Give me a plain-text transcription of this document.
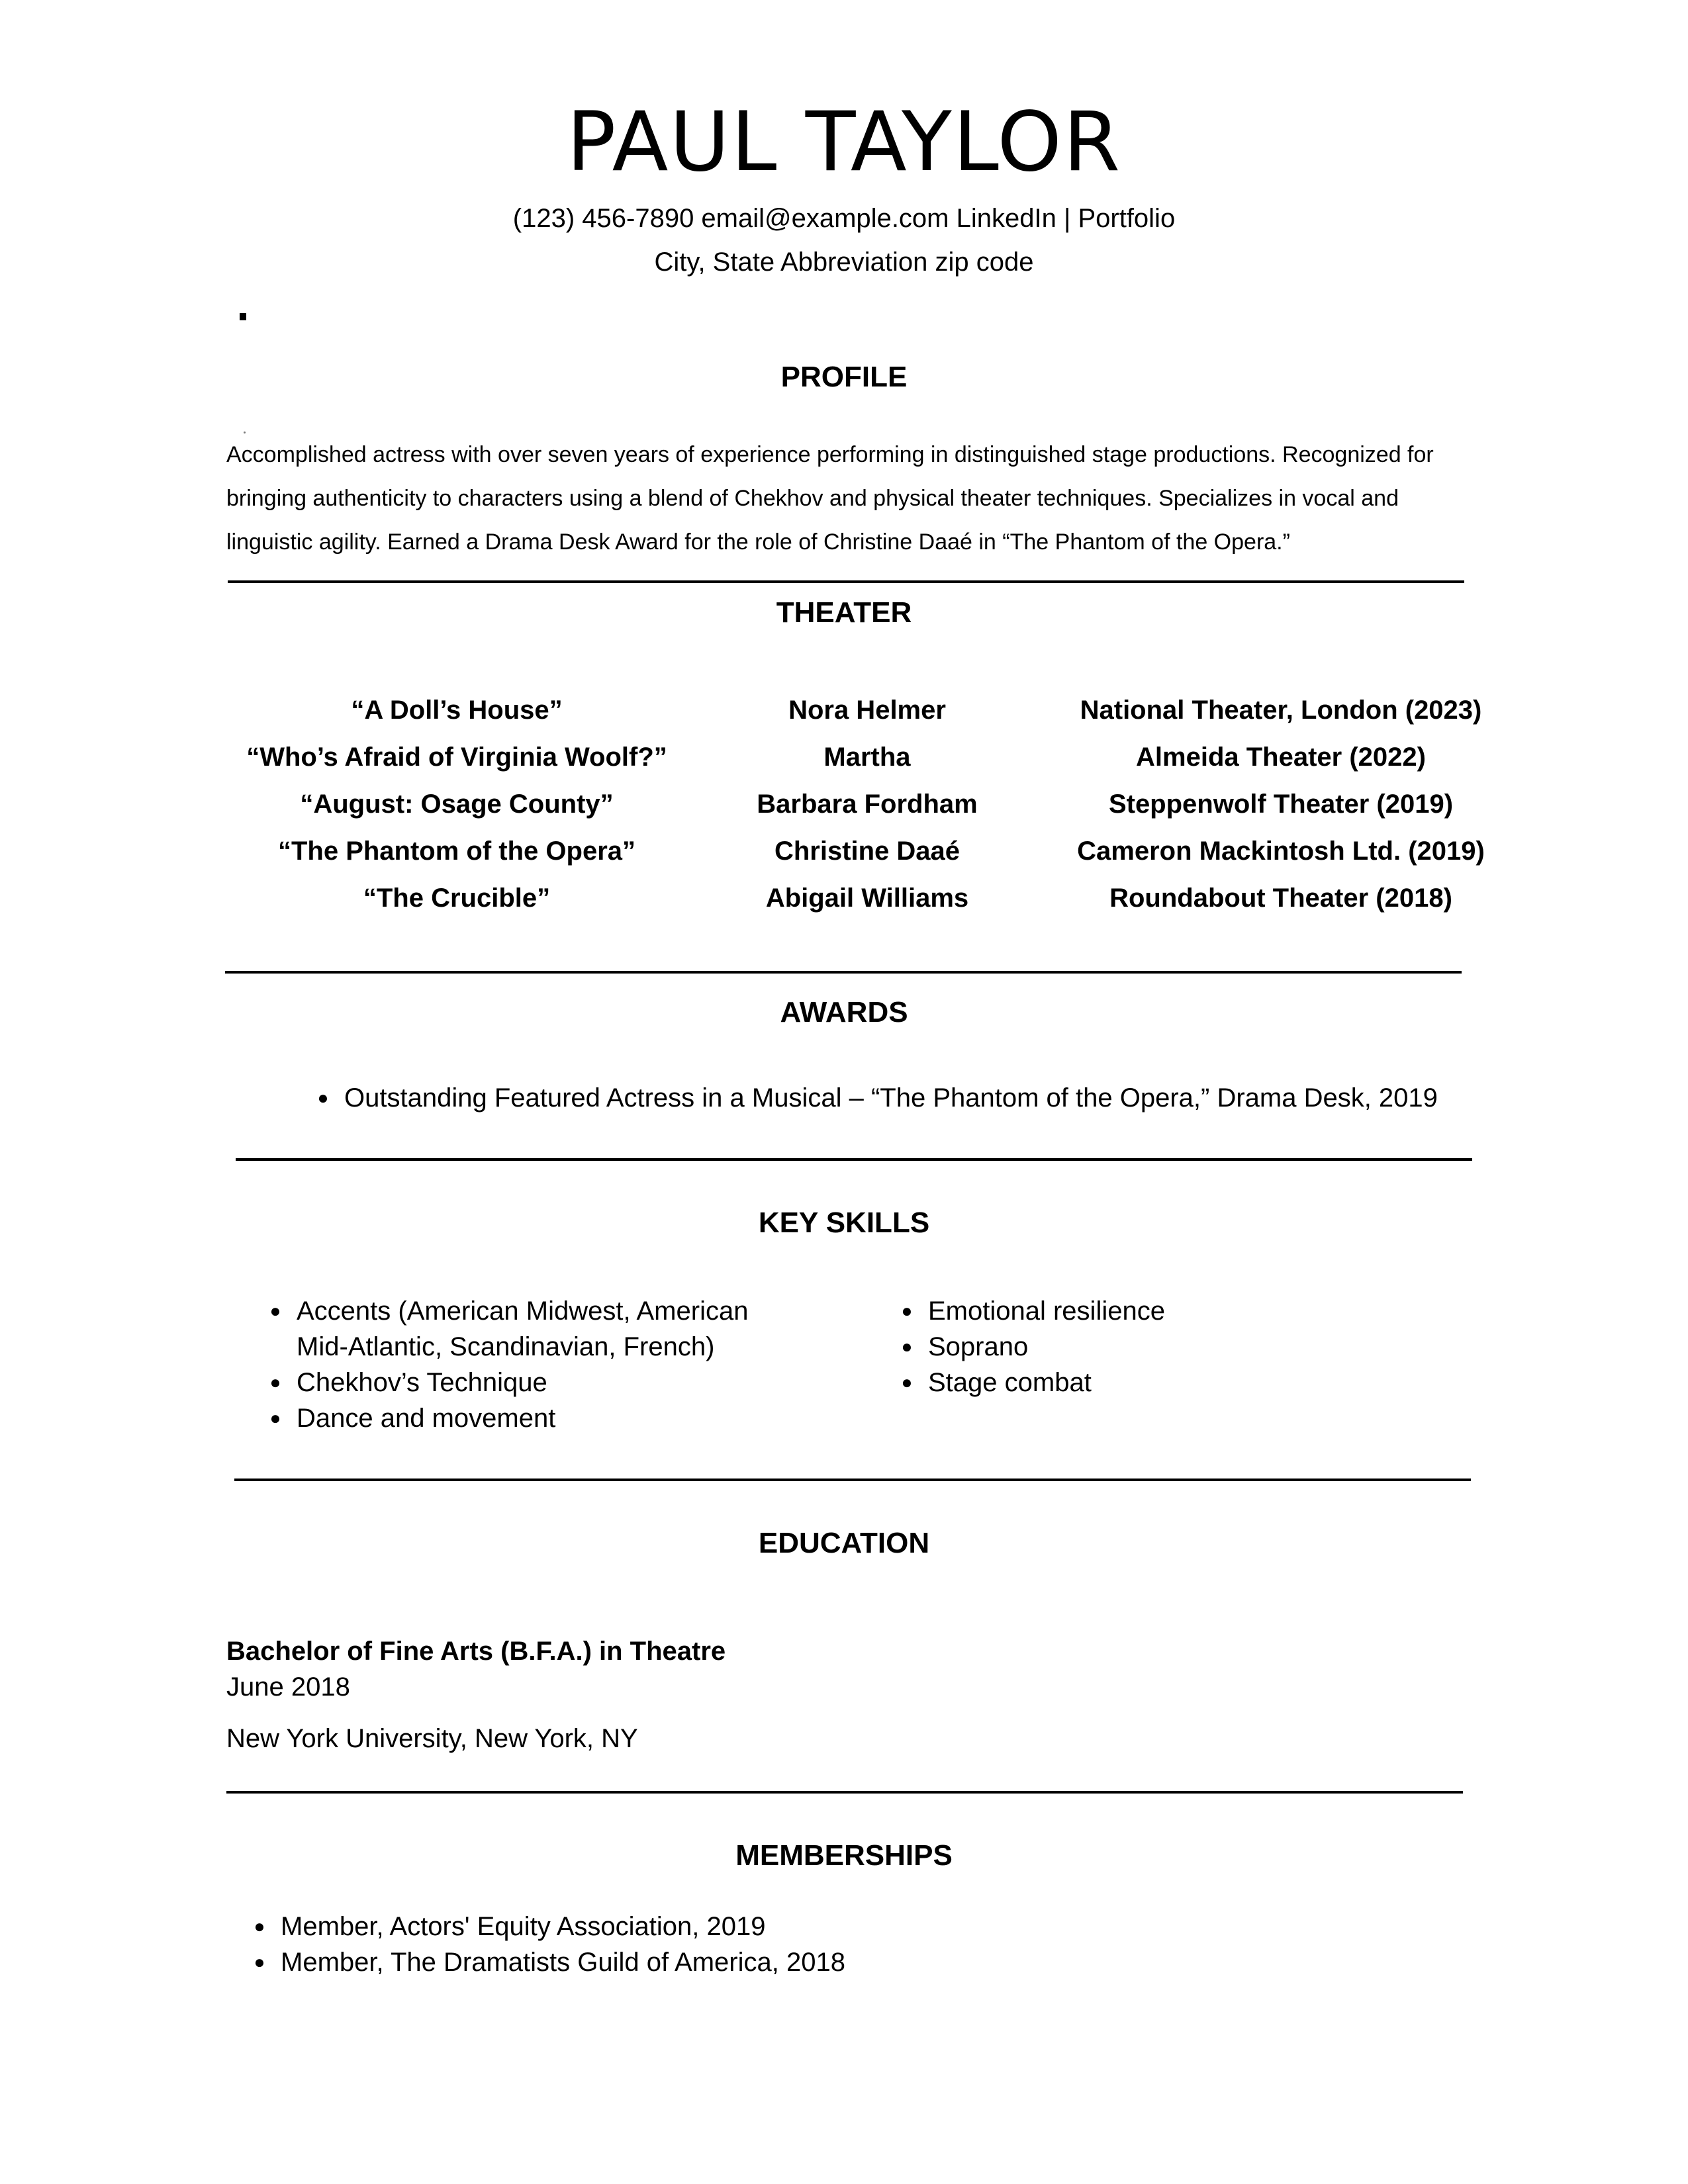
PAUL TAYLOR
(123) 456-7890 email@example.com LinkedIn | Portfolio
City, State Abbreviation zip code
PROFILE
Accomplished actress with over seven years of experience performing in distinguished stage productions. Recognized for bringing authenticity to characters using a blend of Chekhov and physical theater techniques. Specializes in vocal and linguistic agility. Earned a Drama Desk Award for the role of Christine Daaé in “The Phantom of the Opera.”
THEATER
“A Doll’s House”
“Who’s Afraid of Virginia Woolf?”
“August: Osage County”
“The Phantom of the Opera”
“The Crucible”
Nora Helmer
Martha
Barbara Fordham
Christine Daaé
Abigail Williams
National Theater, London (2023)
Almeida Theater (2022)
Steppenwolf Theater (2019)
Cameron Mackintosh Ltd. (2019)
Roundabout Theater (2018)
AWARDS
● Outstanding Featured Actress in a Musical – “The Phantom of the Opera,” Drama Desk, 2019
KEY SKILLS
● Accents (American Midwest, American Mid-Atlantic, Scandinavian, French)
● Chekhov’s Technique
● Dance and movement
● Emotional resilience
● Soprano
● Stage combat
EDUCATION
Bachelor of Fine Arts (B.F.A.) in Theatre
June 2018
New York University, New York, NY
MEMBERSHIPS
● Member, Actors' Equity Association, 2019
● Member, The Dramatists Guild of America, 2018
